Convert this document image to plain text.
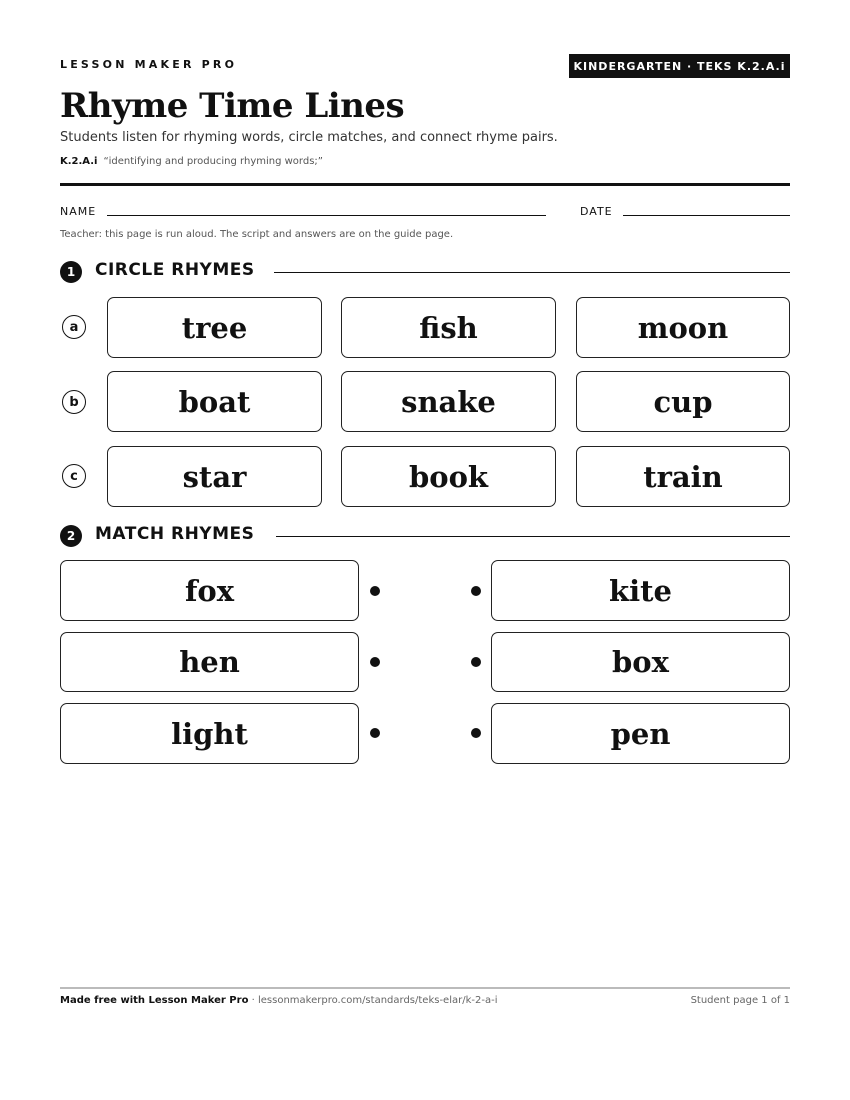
LESSON MAKER PRO	KINDERGARTEN · TEKS K.2.A.i
Rhyme Time Lines
Students listen for rhyming words, circle matches, and connect rhyme pairs.
K.2.A.i “identifying and producing rhyming words;”
NAME	DATE
Teacher: this page is run aloud. The script and answers are on the guide page.
1	CIRCLE RHYMES
a	tree	fish	moon
b	boat	snake	cup
c	star	book	train
2	MATCH RHYMES
fox	kite
hen	box
light	pen
Made free with Lesson Maker Pro · lessonmakerpro.com/standards/teks-elar/k-2-a-i	Student page 1 of 1
